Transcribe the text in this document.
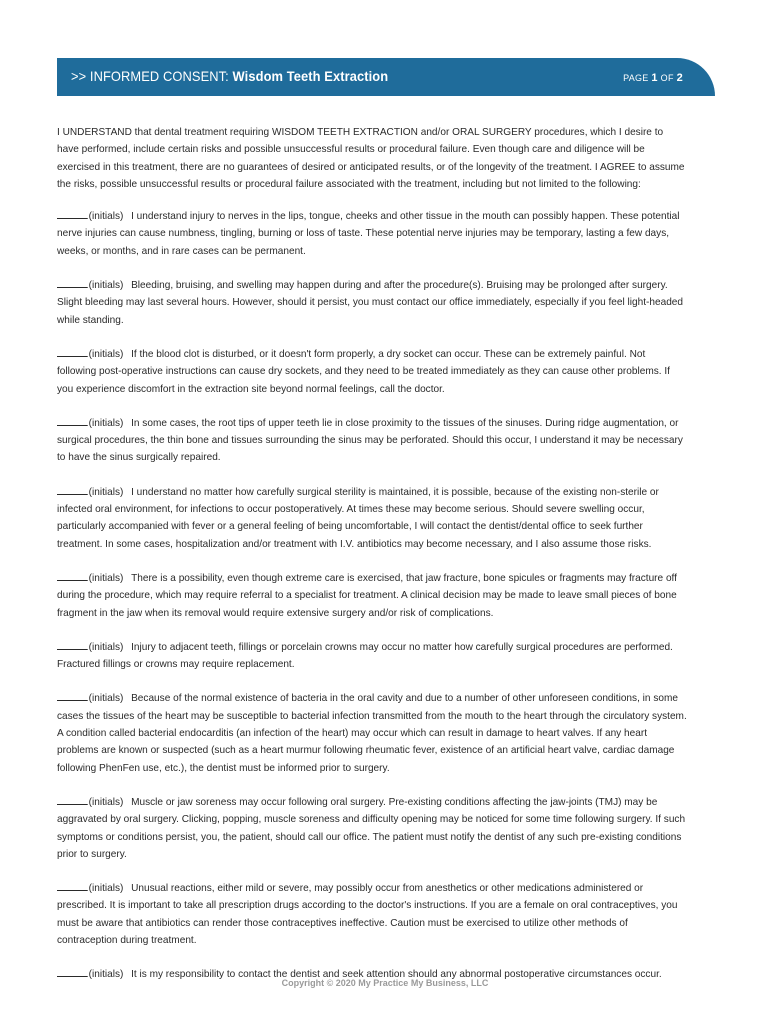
>> INFORMED CONSENT: Wisdom Teeth Extraction	PAGE 1 OF 2

I UNDERSTAND that dental treatment requiring WISDOM TEETH EXTRACTION and/or ORAL SURGERY procedures, which I desire to have performed, include certain risks and possible unsuccessful results or procedural failure. Even though care and diligence will be exercised in this treatment, there are no guarantees of desired or anticipated results, or of the longevity of the treatment. I AGREE to assume the risks, possible unsuccessful results or procedural failure associated with the treatment, including but not limited to the following:

(initials) I understand injury to nerves in the lips, tongue, cheeks and other tissue in the mouth can possibly happen. These potential nerve injuries can cause numbness, tingling, burning or loss of taste. These potential nerve injuries may be temporary, lasting a few days, weeks, or months, and in rare cases can be permanent.

(initials) Bleeding, bruising, and swelling may happen during and after the procedure(s). Bruising may be prolonged after surgery. Slight bleeding may last several hours. However, should it persist, you must contact our office immediately, especially if you feel light-headed while standing.

(initials) If the blood clot is disturbed, or it doesn't form properly, a dry socket can occur. These can be extremely painful. Not following post-operative instructions can cause dry sockets, and they need to be treated immediately as they can cause other problems. If you experience discomfort in the extraction site beyond normal feelings, call the doctor.

(initials) In some cases, the root tips of upper teeth lie in close proximity to the tissues of the sinuses. During ridge augmentation, or surgical procedures, the thin bone and tissues surrounding the sinus may be perforated. Should this occur, I understand it may be necessary to have the sinus surgically repaired.

(initials) I understand no matter how carefully surgical sterility is maintained, it is possible, because of the existing non-sterile or infected oral environment, for infections to occur postoperatively. At times these may become serious. Should severe swelling occur, particularly accompanied with fever or a general feeling of being uncomfortable, I will contact the dentist/dental office to seek further treatment. In some cases, hospitalization and/or treatment with I.V. antibiotics may become necessary, and I also assume those risks.

(initials) There is a possibility, even though extreme care is exercised, that jaw fracture, bone spicules or fragments may fracture off during the procedure, which may require referral to a specialist for treatment. A clinical decision may be made to leave small pieces of bone fragment in the jaw when its removal would require extensive surgery and/or risk of complications.

(initials) Injury to adjacent teeth, fillings or porcelain crowns may occur no matter how carefully surgical procedures are performed. Fractured fillings or crowns may require replacement.

(initials) Because of the normal existence of bacteria in the oral cavity and due to a number of other unforeseen conditions, in some cases the tissues of the heart may be susceptible to bacterial infection transmitted from the mouth to the heart through the circulatory system. A condition called bacterial endocarditis (an infection of the heart) may occur which can result in damage to heart valves. If any heart problems are known or suspected (such as a heart murmur following rheumatic fever, existence of an artificial heart valve, cardiac damage following PhenFen use, etc.), the dentist must be informed prior to surgery.

(initials) Muscle or jaw soreness may occur following oral surgery. Pre-existing conditions affecting the jaw-joints (TMJ) may be aggravated by oral surgery. Clicking, popping, muscle soreness and difficulty opening may be noticed for some time following surgery. If such symptoms or conditions persist, you, the patient, should call our office. The patient must notify the dentist of any such pre-existing conditions prior to surgery.

(initials) Unusual reactions, either mild or severe, may possibly occur from anesthetics or other medications administered or prescribed. It is important to take all prescription drugs according to the doctor's instructions. If you are a female on oral contraceptives, you must be aware that antibiotics can render those contraceptives ineffective. Caution must be exercised to utilize other methods of contraception during treatment.

(initials) It is my responsibility to contact the dentist and seek attention should any abnormal postoperative circumstances occur.

Copyright © 2020 My Practice My Business, LLC
